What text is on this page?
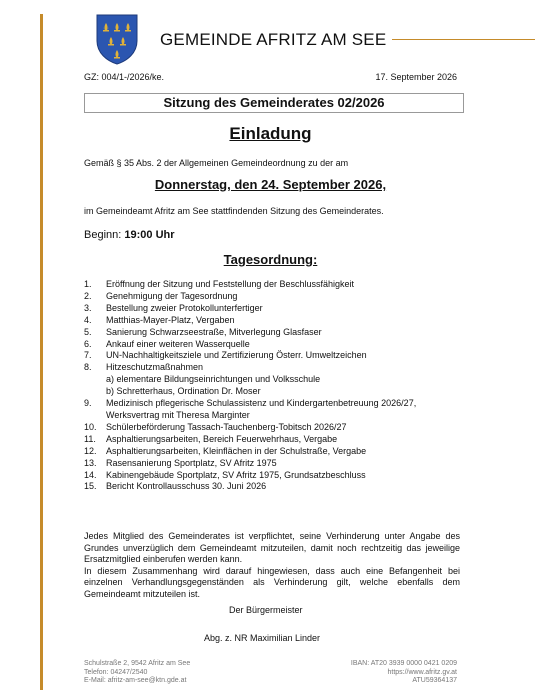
GEMEINDE AFRITZ AM SEE
GZ: 004/1-/2026/ke.	17. September 2026
Sitzung des Gemeinderates 02/2026
Einladung
Gemäß § 35 Abs. 2 der Allgemeinen Gemeindeordnung zu der am
Donnerstag, den 24. September 2026,
im Gemeindeamt Afritz am See stattfindenden Sitzung des Gemeinderates.
Beginn: 19:00 Uhr
Tagesordnung:
1. Eröffnung der Sitzung und Feststellung der Beschlussfähigkeit
2. Genehmigung der Tagesordnung
3. Bestellung zweier Protokollunterfertiger
4. Matthias-Mayer-Platz, Vergaben
5. Sanierung Schwarzseestraße, Mitverlegung Glasfaser
6. Ankauf einer weiteren Wasserquelle
7. UN-Nachhaltigkeitsziele und Zertifizierung Österr. Umweltzeichen
8. Hitzeschutzmaßnahmen
a) elementare Bildungseinrichtungen und Volksschule
b) Schretterhaus, Ordination Dr. Moser
9. Medizinisch pflegerische Schulassistenz und Kindergartenbetreuung 2026/27,
Werksvertrag mit Theresa Marginter
10. Schülerbeförderung Tassach-Tauchenberg-Tobitsch 2026/27
11. Asphaltierungsarbeiten, Bereich Feuerwehrhaus, Vergabe
12. Asphaltierungsarbeiten, Kleinflächen in der Schulstraße, Vergabe
13. Rasensanierung Sportplatz, SV Afritz 1975
14. Kabinengebäude Sportplatz, SV Afritz 1975, Grundsatzbeschluss
15. Bericht Kontrollausschuss 30. Juni 2026

Jedes Mitglied des Gemeinderates ist verpflichtet, seine Verhinderung unter Angabe des Grundes unverzüglich dem Gemeindeamt mitzuteilen, damit noch rechtzeitig das jeweilige Ersatzmitglied einberufen werden kann.

In diesem Zusammenhang wird darauf hingewiesen, dass auch eine Befangenheit bei einzelnen Verhandlungsgegenständen als Verhinderung gilt, welche ebenfalls dem Gemeindeamt mitzuteilen ist.

Der Bürgermeister
Abg. z. NR Maximilian Linder
Schulstraße 2, 9542 Afritz am See
Telefon: 04247/2540
E-Mail: afritz-am-see@ktn.gde.at
IBAN: AT20 3939 0000 0421 0209
https://www.afritz.gv.at
ATU59364137
